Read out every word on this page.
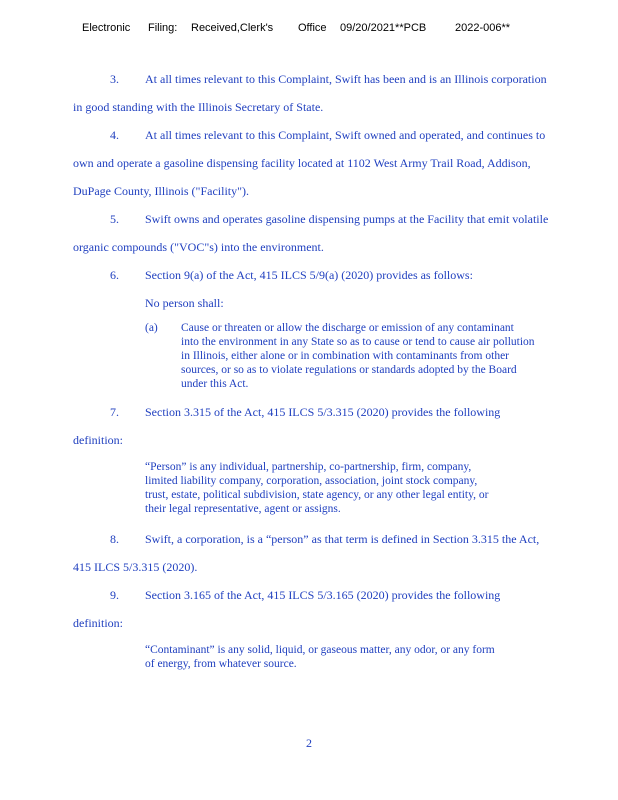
Electronic Filing: Received,Clerk's Office 09/20/2021**PCB	2022-006**
3. At all times relevant to this Complaint, Swift has been and is an Illinois corporation
in good standing with the Illinois Secretary of State.
4. At all times relevant to this Complaint, Swift owned and operated, and continues to
own and operate a gasoline dispensing facility located at 1102 West Army Trail Road, Addison,
DuPage County, Illinois ("Facility").
5. Swift owns and operates gasoline dispensing pumps at the Facility that emit volatile
organic compounds ("VOC"s) into the environment.
6. Section 9(a) of the Act, 415 ILCS 5/9(a) (2020) provides as follows:
No person shall:
(a) Cause or threaten or allow the discharge or emission of any contaminant
into the environment in any State so as to cause or tend to cause air pollution
in Illinois, either alone or in combination with contaminants from other
sources, or so as to violate regulations or standards adopted by the Board
under this Act.
7. Section 3.315 of the Act, 415 ILCS 5/3.315 (2020) provides the following
definition:
“Person” is any individual, partnership, co-partnership, firm, company,
limited liability company, corporation, association, joint stock company,
trust, estate, political subdivision, state agency, or any other legal entity, or
their legal representative, agent or assigns.
8. Swift, a corporation, is a “person” as that term is defined in Section 3.315 the Act,
415 ILCS 5/3.315 (2020).
9. Section 3.165 of the Act, 415 ILCS 5/3.165 (2020) provides the following
definition:
“Contaminant” is any solid, liquid, or gaseous matter, any odor, or any form
of energy, from whatever source.
2
